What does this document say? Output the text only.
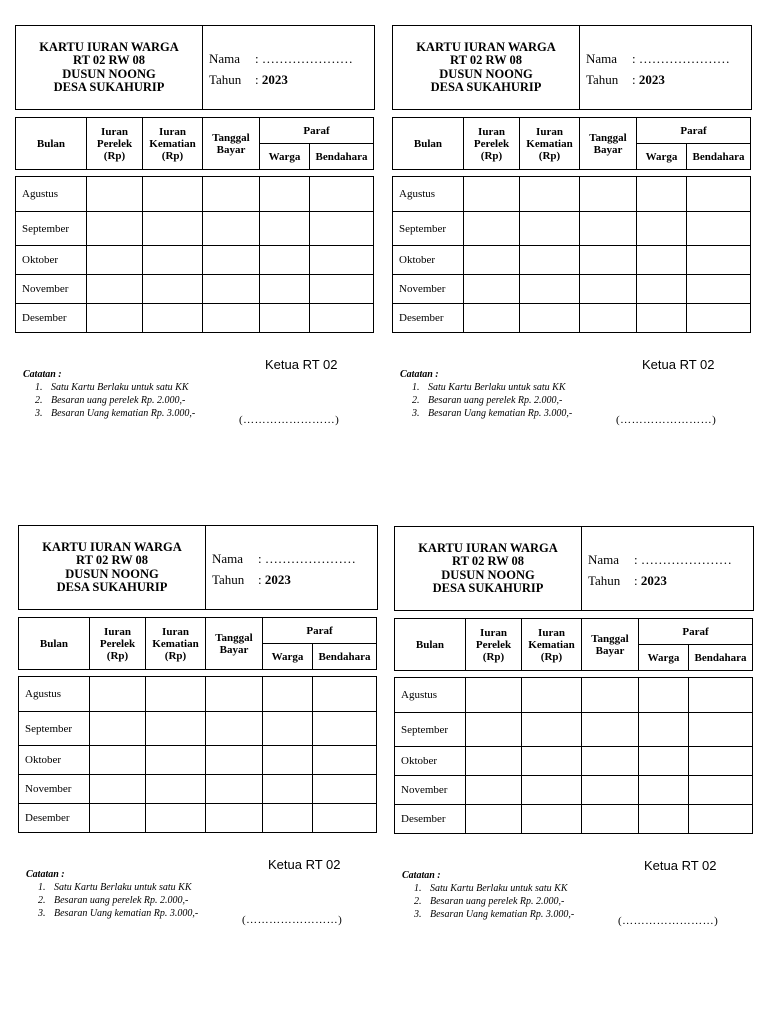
KARTU IURAN WARGA
RT 02 RW 08
DUSUN NOONG
DESA SUKAHURIP
Nama : …………………
Tahun : 2023
Bulan	Iuran Perelek (Rp)	Iuran Kematian (Rp)	Tanggal Bayar	Paraf	
				Warga	Bendahara
Agustus					
September					
Oktober					
November					
Desember					
Ketua RT 02
Catatan :
1. Satu Kartu Berlaku untuk satu KK
2. Besaran uang perelek Rp. 2.000,-
3. Besaran Uang kematian Rp. 3.000,-
(……………………)
KARTU IURAN WARGA
RT 02 RW 08
DUSUN NOONG
DESA SUKAHURIP
Nama : …………………
Tahun : 2023
Bulan	Iuran Perelek (Rp)	Iuran Kematian (Rp)	Tanggal Bayar	Paraf	
				Warga	Bendahara
Agustus					
September					
Oktober					
November					
Desember					
Ketua RT 02
Catatan :
1. Satu Kartu Berlaku untuk satu KK
2. Besaran uang perelek Rp. 2.000,-
3. Besaran Uang kematian Rp. 3.000,-
(……………………)
KARTU IURAN WARGA
RT 02 RW 08
DUSUN NOONG
DESA SUKAHURIP
Nama : …………………
Tahun : 2023
Bulan	Iuran Perelek (Rp)	Iuran Kematian (Rp)	Tanggal Bayar	Paraf	
				Warga	Bendahara
Agustus					
September					
Oktober					
November					
Desember					
Ketua RT 02
Catatan :
1. Satu Kartu Berlaku untuk satu KK
2. Besaran uang perelek Rp. 2.000,-
3. Besaran Uang kematian Rp. 3.000,-
(……………………)
KARTU IURAN WARGA
RT 02 RW 08
DUSUN NOONG
DESA SUKAHURIP
Nama : …………………
Tahun : 2023
Bulan	Iuran Perelek (Rp)	Iuran Kematian (Rp)	Tanggal Bayar	Paraf	
				Warga	Bendahara
Agustus					
September					
Oktober					
November					
Desember					
Ketua RT 02
Catatan :
1. Satu Kartu Berlaku untuk satu KK
2. Besaran uang perelek Rp. 2.000,-
3. Besaran Uang kematian Rp. 3.000,-
(……………………)
